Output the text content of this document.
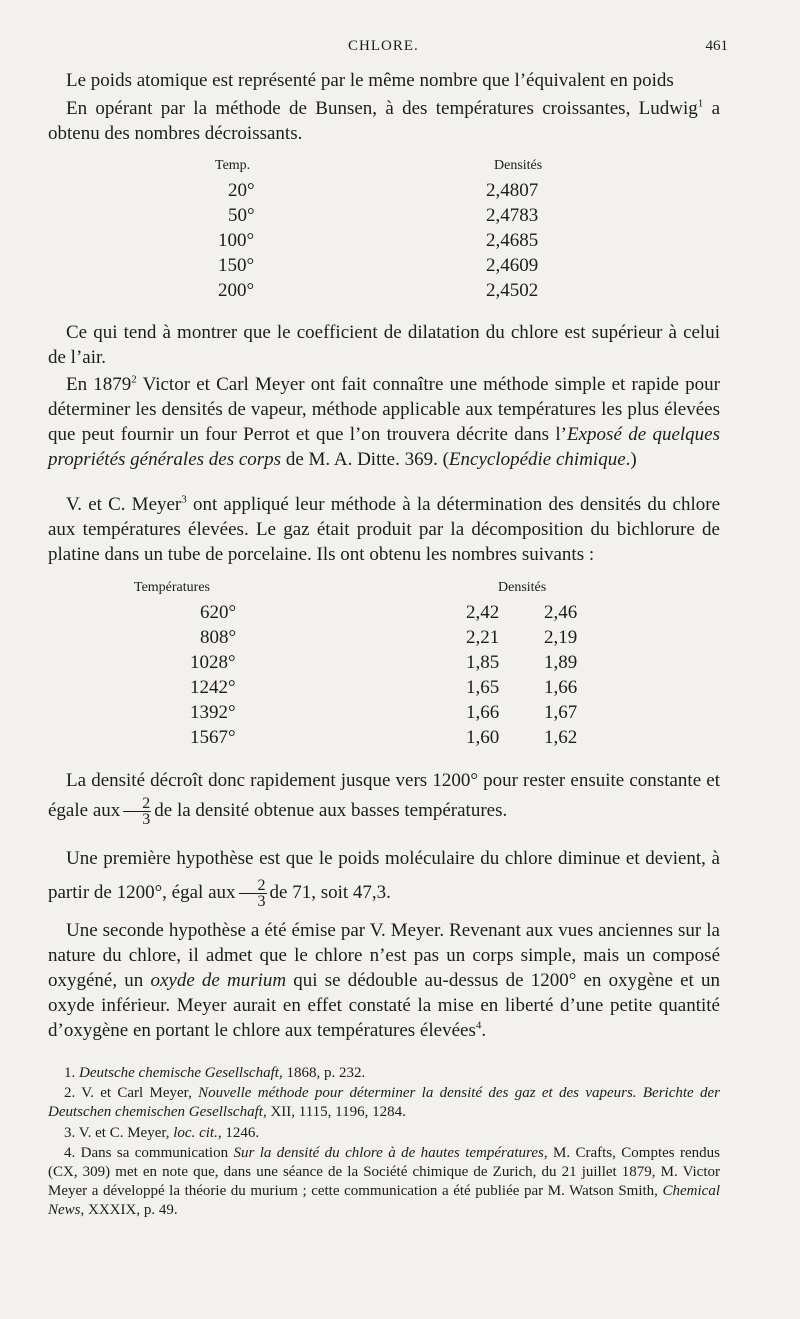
CHLORE.	461

Le poids atomique est représenté par le même nombre que l’équivalent en poids

En opérant par la méthode de Bunsen, à des températures croissantes, Ludwig$^1$ a obtenu des nombres décroissants.

Temp.	Densités
20°	2,4807
50°	2,4783
100°	2,4685
150°	2,4609
200°	2,4502

Ce qui tend à montrer que le coefficient de dilatation du chlore est supérieur à celui de l’air.

En 1879$^2$ Victor et Carl Meyer ont fait connaître une méthode simple et rapide pour déterminer les densités de vapeur, méthode applicable aux températures les plus élevées que peut fournir un four Perrot et que l’on trouvera décrite dans l’Exposé de quelques propriétés générales des corps de M. A. Ditte. 369. (Encyclopédie chimique.)

V. et C. Meyer$^3$ ont appliqué leur méthode à la détermination des densités du chlore aux températures élevées. Le gaz était produit par la décomposition du bichlorure de platine dans un tube de porcelaine. Ils ont obtenu les nombres suivants :

Températures	Densités
620°	2,42 2,46
808°	2,21 2,19
1028°	1,85 1,89
1242°	1,65 1,66
1392°	1,66 1,67
1567°	1,60 1,62

La densité décroît donc rapidement jusque vers 1200° pour rester ensuite constante et égale aux $\frac{2}{3}$ de la densité obtenue aux basses températures.

Une première hypothèse est que le poids moléculaire du chlore diminue et devient, à partir de 1200°, égal aux $\frac{2}{3}$ de 71, soit 47,3.

Une seconde hypothèse a été émise par V. Meyer. Revenant aux vues anciennes sur la nature du chlore, il admet que le chlore n’est pas un corps simple, mais un composé oxygéné, un oxyde de murium qui se dédouble au-dessus de 1200° en oxygène et un oxyde inférieur. Meyer aurait en effet constaté la mise en liberté d’une petite quantité d’oxygène en portant le chlore aux températures élevées$^4$.

1. Deutsche chemische Gesellschaft, 1868, p. 232.

2. V. et Carl Meyer, Nouvelle méthode pour déterminer la densité des gaz et des vapeurs. Berichte der Deutschen chemischen Gesellschaft, XII, 1115, 1196, 1284.

3. V. et C. Meyer, loc. cit., 1246.

4. Dans sa communication Sur la densité du chlore à de hautes températures, M. Crafts, Comptes rendus (CX, 309) met en note que, dans une séance de la Société chimique de Zurich, du 21 juillet 1879, M. Victor Meyer a développé la théorie du murium ; cette communication a été publiée par M. Watson Smith, Chemical News, XXXIX, p. 49.
